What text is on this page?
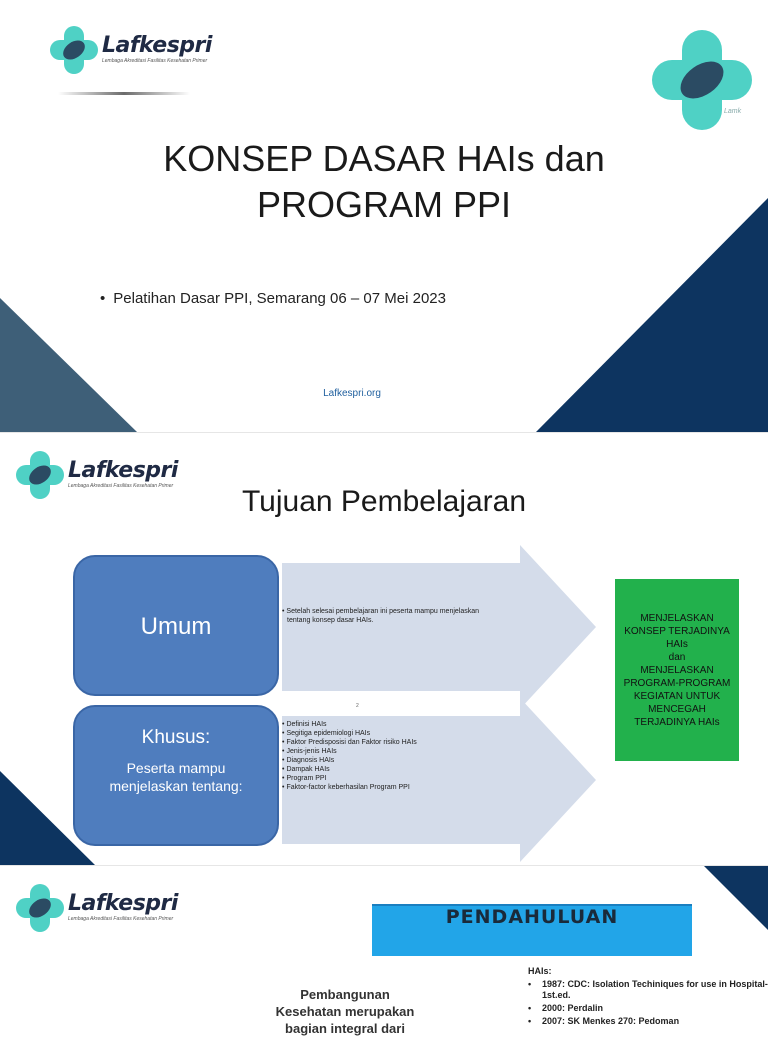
Lafkespri
Lembaga Akreditasi Fasilitas Kesehatan Primer
Lamk
KONSEP DASAR HAIs dan
PROGRAM PPI
• Pelatihan Dasar PPI, Semarang 06 – 07 Mei 2023
Lafkespri.org
Lafkespri
Lembaga Akreditasi Fasilitas Kesehatan Primer	Tujuan Pembelajaran
Umum
• Setelah selesai pembelajaran ini peserta mampu menjelaskan
tentang konsep dasar HAIs.
2
Khusus:
Peserta mampu
menjelaskan tentang:
• Definisi HAIs
• Segitiga epidemiologi HAIs
• Faktor Predisposisi dan Faktor risiko HAIs
• Jenis-jenis HAIs
• Diagnosis HAIs
• Dampak HAIs
• Program PPI
• Faktor-factor keberhasilan Program PPI
MENJELASKAN
KONSEP TERJADINYA
HAIs
dan
MENJELASKAN
PROGRAM-PROGRAM
KEGIATAN UNTUK
MENCEGAH
TERJADINYA HAIs
Lafkespri
Lembaga Akreditasi Fasilitas Kesehatan Primer	PENDAHULUAN
Pembangunan
Kesehatan merupakan
bagian integral dari
HAIs:
•	1987: CDC: Isolation Techiniques for use in Hospital-1st.ed.
•	2000: Perdalin
•	2007: SK Menkes 270: Pedoman
